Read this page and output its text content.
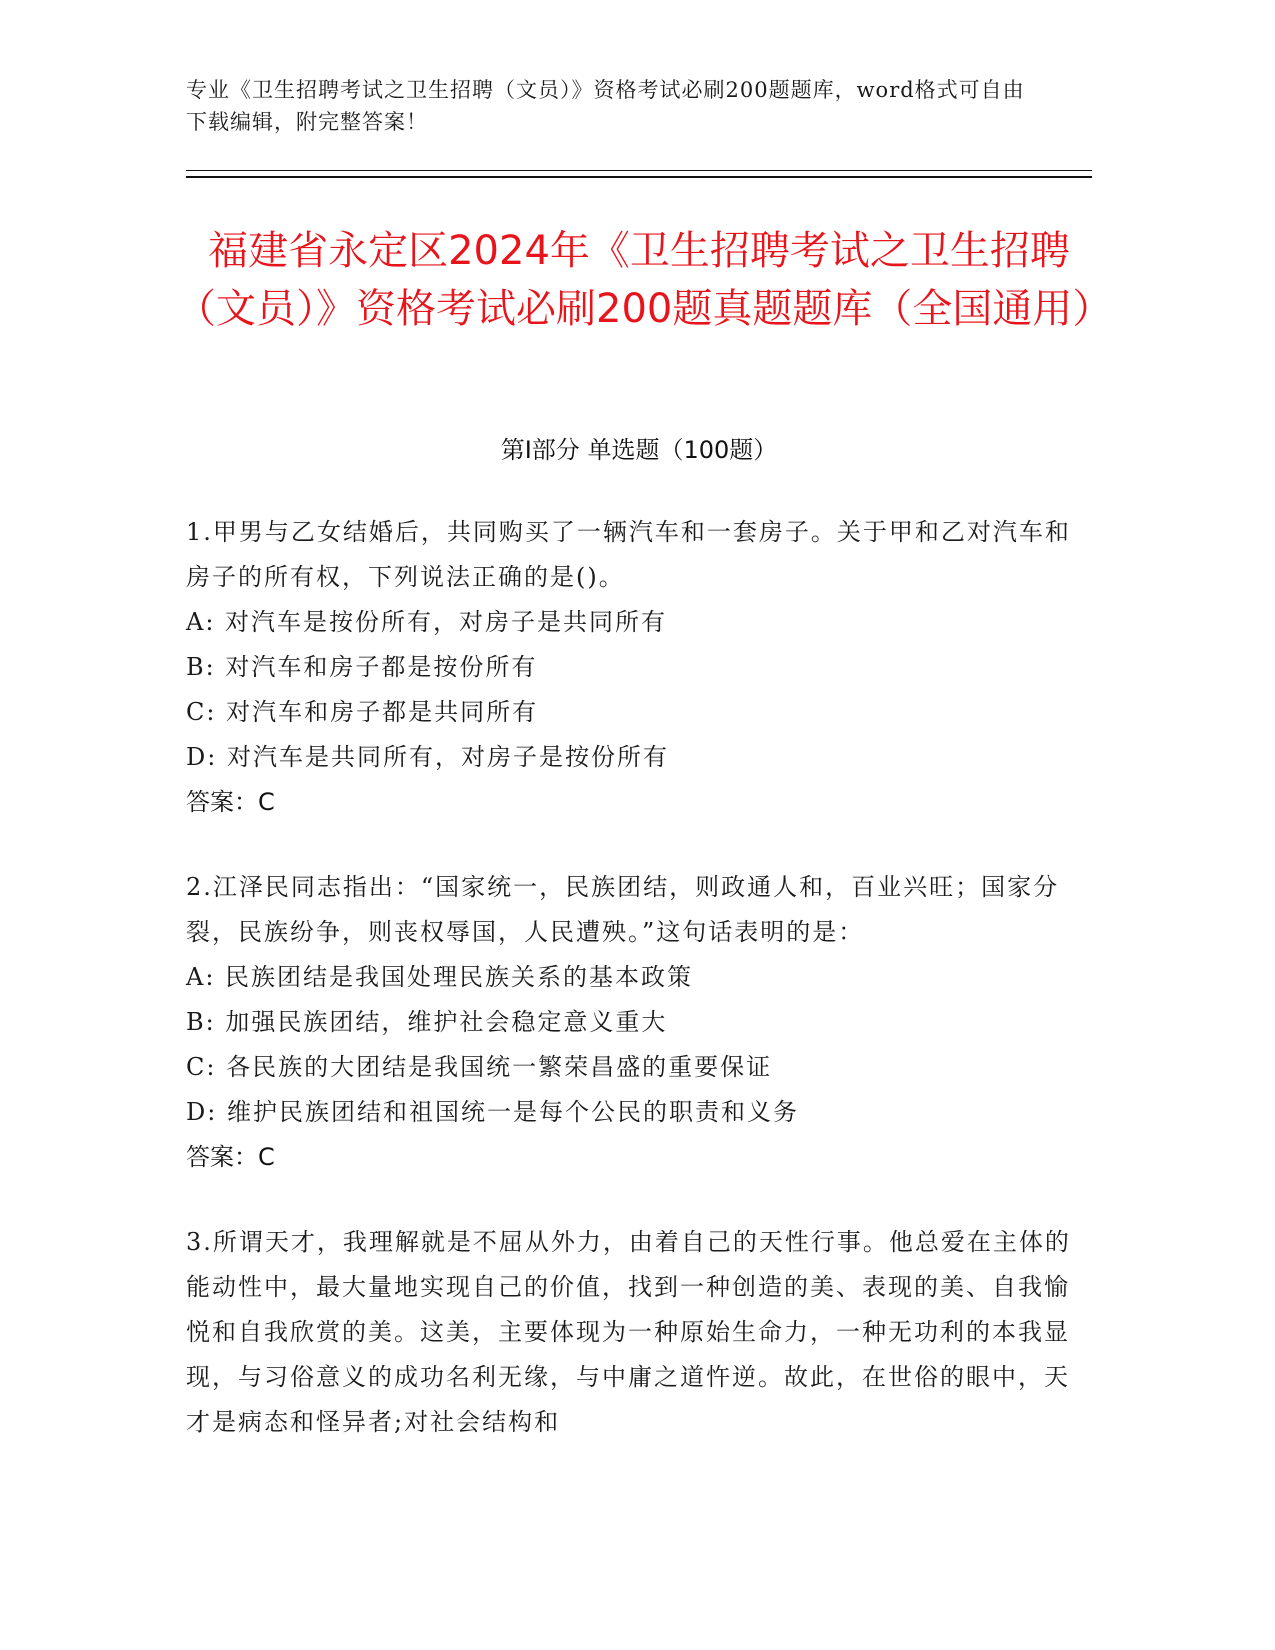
专业《卫生招聘考试之卫生招聘（文员）》资格考试必刷200题题库，word格式可自由下载编辑，附完整答案！

福建省永定区2024年《卫生招聘考试之卫生招聘（文员）》资格考试必刷200题真题题库（全国通用）
第I部分 单选题（100题）

1.甲男与乙女结婚后，共同购买了一辆汽车和一套房子。关于甲和乙对汽车和房子的所有权，下列说法正确的是()。

A: 对汽车是按份所有，对房子是共同所有

B: 对汽车和房子都是按份所有

C: 对汽车和房子都是共同所有

D: 对汽车是共同所有，对房子是按份所有

答案：C

2.江泽民同志指出：“国家统一，民族团结，则政通人和，百业兴旺；国家分裂，民族纷争，则丧权辱国，人民遭殃。”这句话表明的是：

A: 民族团结是我国处理民族关系的基本政策

B: 加强民族团结，维护社会稳定意义重大

C: 各民族的大团结是我国统一繁荣昌盛的重要保证

D: 维护民族团结和祖国统一是每个公民的职责和义务

答案：C

3.所谓天才，我理解就是不屈从外力，由着自己的天性行事。他总爱在主体的能动性中，最大量地实现自己的价值，找到一种创造的美、表现的美、自我愉悦和自我欣赏的美。这美，主要体现为一种原始生命力，一种无功利的本我显现，与习俗意义的成功名利无缘，与中庸之道忤逆。故此，在世俗的眼中，天才是病态和怪异者;对社会结构和
